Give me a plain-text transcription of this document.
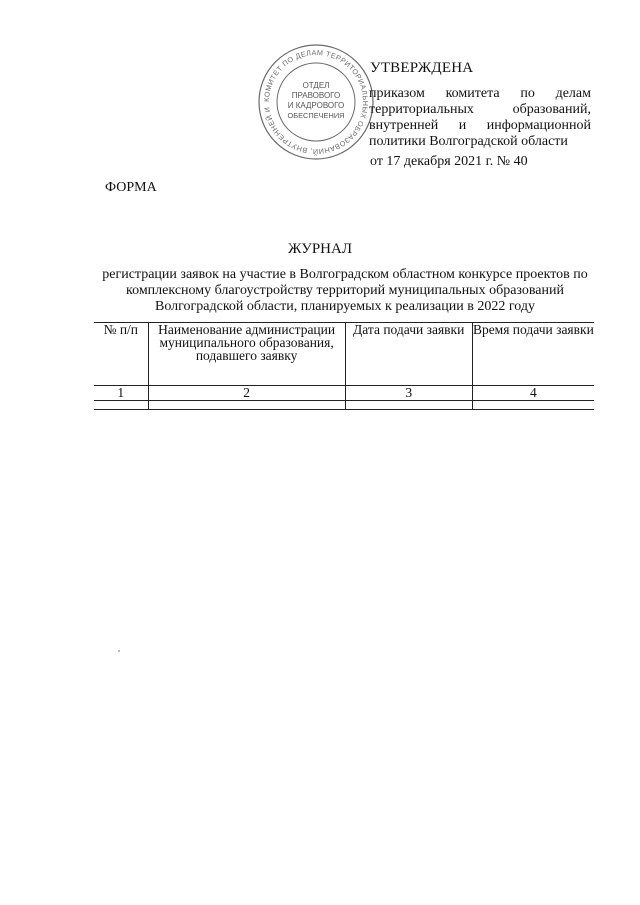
КОМИТЕТ ПО ДЕЛАМ ТЕРРИТОРИАЛЬНЫХ ОБРАЗОВАНИЙ, ВНУТРЕННЕЙ И
ОТДЕЛ
ПРАВОВОГО
И КАДРОВОГО
ОБЕСПЕЧЕНИЯ
УТВЕРЖДЕНА
приказом комитета по делам территориальных образований, внутренней и информационной политики Волгоградской области
от 17 декабря 2021 г. № 40
ФОРМА
ЖУРНАЛ
регистрации заявок на участие в Волгоградском областном конкурсе проектов по комплексному благоустройству территорий муниципальных образований Волгоградской области, планируемых к реализации в 2022 году
№ п/п	Наименование администрации муниципального образования, подавшего заявку	Дата подачи заявки	Время подачи заявки
1	2	3	4
